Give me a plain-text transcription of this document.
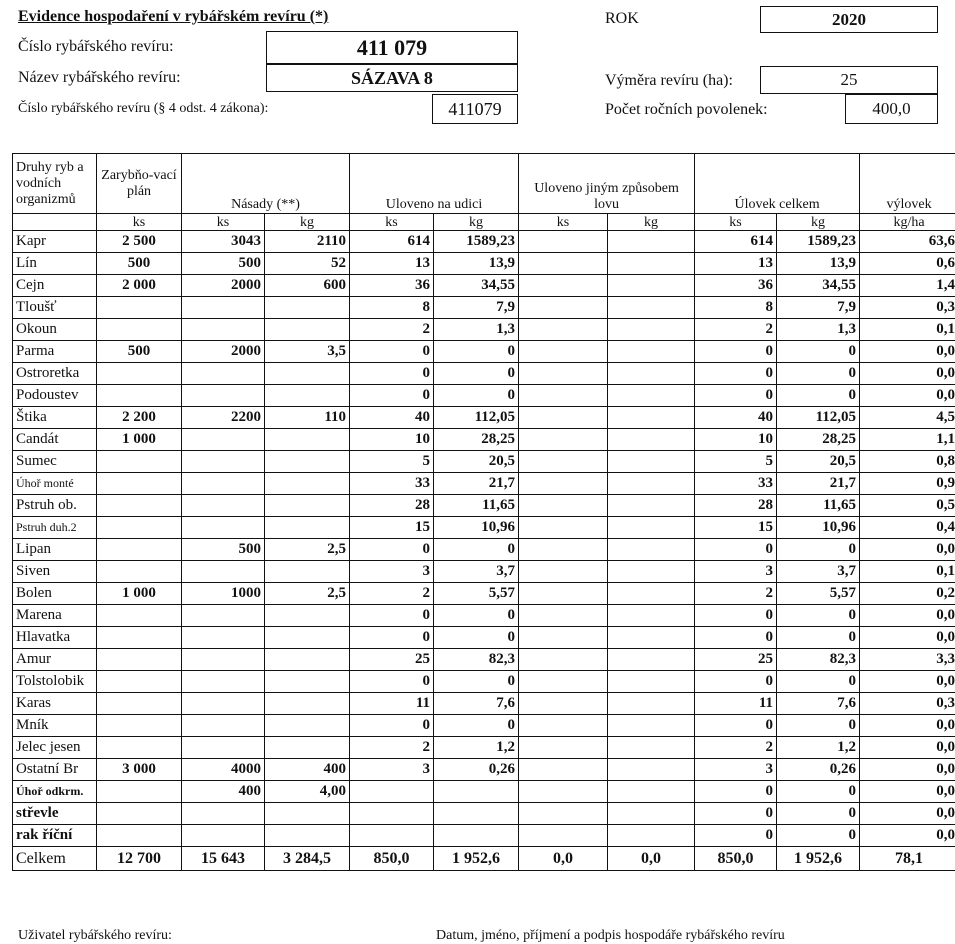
Evidence hospodaření v rybářském revíru (*)	ROK	2020
Číslo rybářského revíru:	411 079
Název rybářského revíru:	SÁZAVA 8
Číslo rybářského revíru (§ 4 odst. 4 zákona):	411079
Výměra revíru (ha):	25
Počet ročních povolenek:	400,0
Druhy ryb a vodních organizmů	Zarybňo-vací plán	Násady (**)		Uloveno na udici		Uloveno jiným způsobem lovu		Úlovek celkem		výlovek
	ks	ks	kg	ks	kg	ks	kg	ks	kg	kg/ha
Kapr	2 500	3043	2110	614	1589,23			614	1589,23	63,6
Lín	500	500	52	13	13,9			13	13,9	0,6
Cejn	2 000	2000	600	36	34,55			36	34,55	1,4
Tloušť				8	7,9			8	7,9	0,3
Okoun				2	1,3			2	1,3	0,1
Parma	500	2000	3,5	0	0			0	0	0,0
Ostroretka				0	0			0	0	0,0
Podoustev				0	0			0	0	0,0
Štika	2 200	2200	110	40	112,05			40	112,05	4,5
Candát	1 000			10	28,25			10	28,25	1,1
Sumec				5	20,5			5	20,5	0,8
Úhoř monté				33	21,7			33	21,7	0,9
Pstruh ob.				28	11,65			28	11,65	0,5
Pstruh duh.2				15	10,96			15	10,96	0,4
Lipan		500	2,5	0	0			0	0	0,0
Siven				3	3,7			3	3,7	0,1
Bolen	1 000	1000	2,5	2	5,57			2	5,57	0,2
Marena				0	0			0	0	0,0
Hlavatka				0	0			0	0	0,0
Amur				25	82,3			25	82,3	3,3
Tolstolobik				0	0			0	0	0,0
Karas				11	7,6			11	7,6	0,3
Mník				0	0			0	0	0,0
Jelec jesen				2	1,2			2	1,2	0,0
Ostatní Br	3 000	4000	400	3	0,26			3	0,26	0,0
Úhoř odkrm.		400	4,00					0	0	0,0
střevle								0	0	0,0
rak říční								0	0	0,0
Celkem	12 700	15 643	3 284,5	850,0	1 952,6	0,0	0,0	850,0	1 952,6	78,1
Uživatel rybářského revíru:	Datum, jméno, příjmení a podpis hospodáře rybářského revíru
